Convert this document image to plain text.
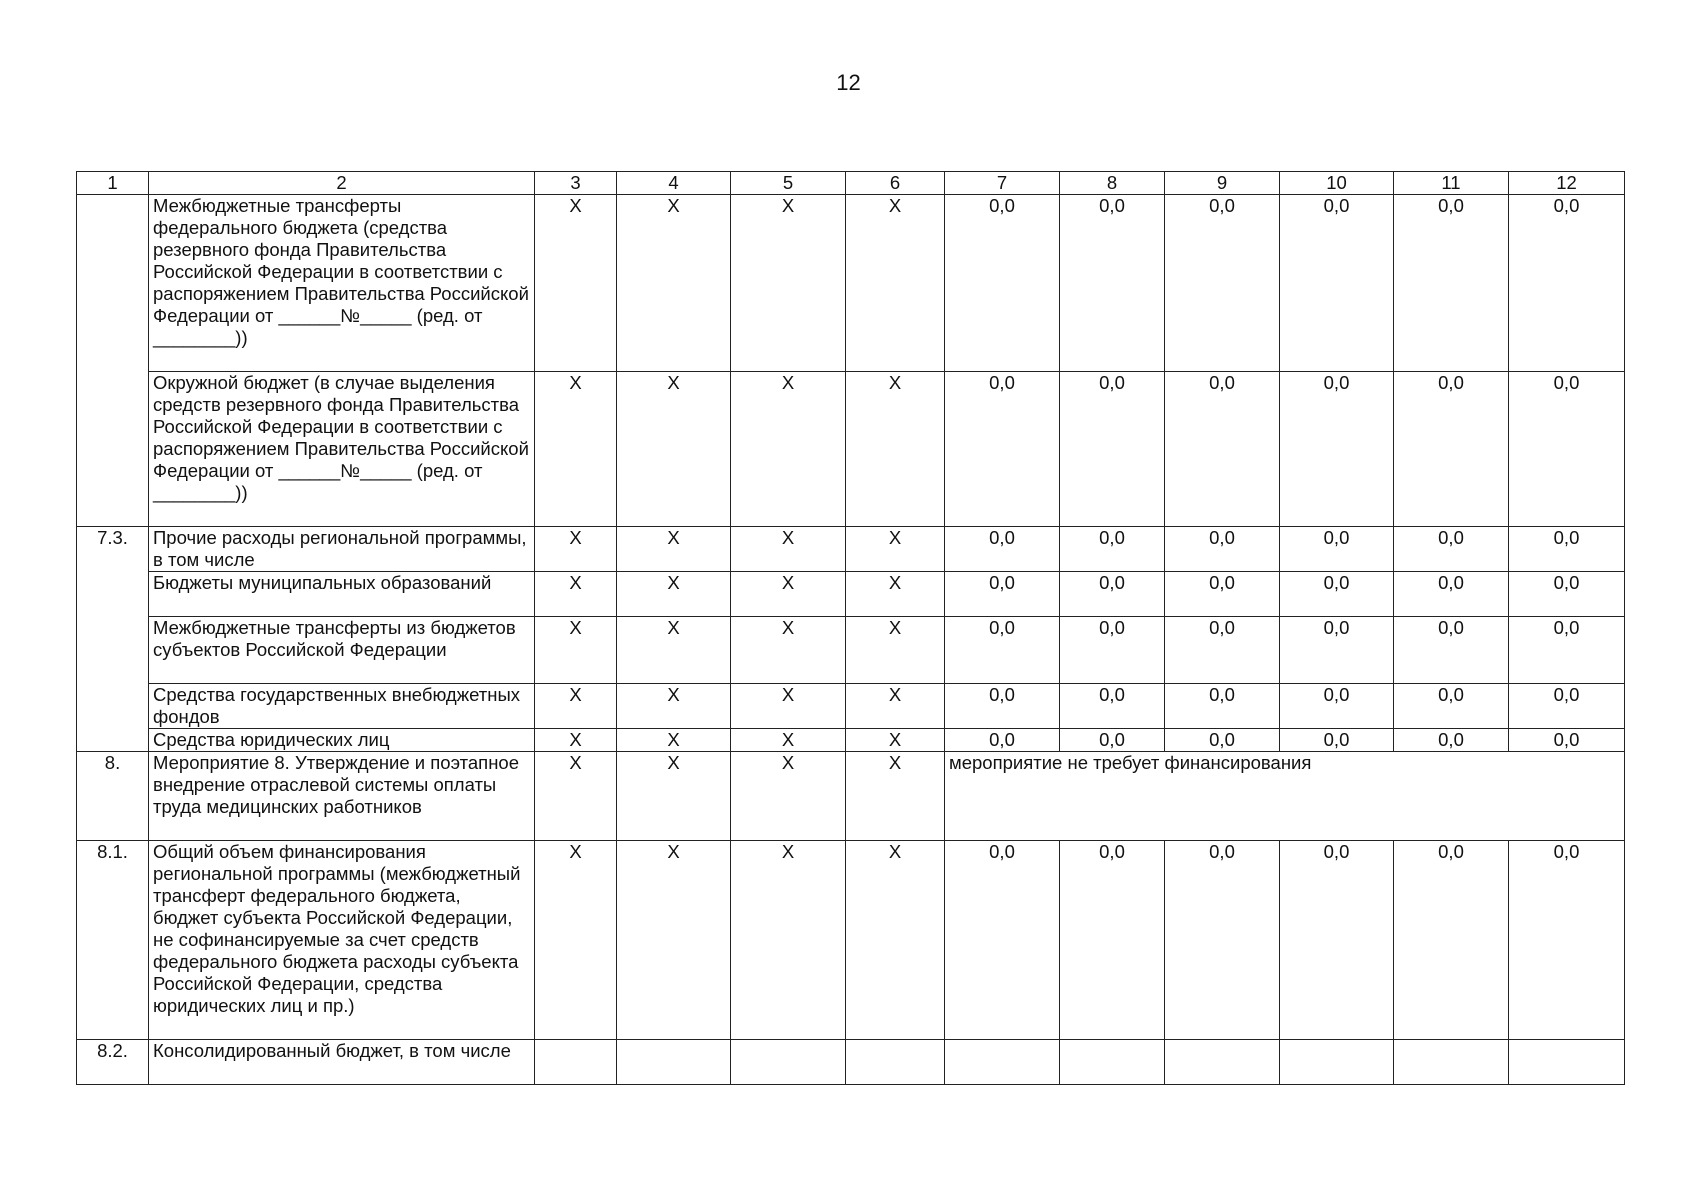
12
1	2	3	4	5	6	7	8	9	10	11	12
	Межбюджетные трансферты федерального бюджета (средства резервного фонда Правительства Российской Федерации в соответствии с распоряжением Правительства Российской Федерации от ______№_____ (ред. от ________))	X	X	X	X	0,0	0,0	0,0	0,0	0,0	0,0
	Окружной бюджет (в случае выделения средств резервного фонда Правительства Российской Федерации в соответствии с распоряжением Правительства Российской Федерации от ______№_____ (ред. от ________))	X	X	X	X	0,0	0,0	0,0	0,0	0,0	0,0
7.3.	Прочие расходы региональной программы, в том числе	X	X	X	X	0,0	0,0	0,0	0,0	0,0	0,0
	Бюджеты муниципальных образований	X	X	X	X	0,0	0,0	0,0	0,0	0,0	0,0
	Межбюджетные трансферты из бюджетов субъектов Российской Федерации	X	X	X	X	0,0	0,0	0,0	0,0	0,0	0,0
	Средства государственных внебюджетных фондов	X	X	X	X	0,0	0,0	0,0	0,0	0,0	0,0
	Средства юридических лиц	X	X	X	X	0,0	0,0	0,0	0,0	0,0	0,0
8.	Мероприятие 8. Утверждение и поэтапное внедрение отраслевой системы оплаты труда медицинских работников	X	X	X	X	мероприятие не требует финансирования					
8.1.	Общий объем финансирования региональной программы (межбюджетный трансферт федерального бюджета, бюджет субъекта Российской Федерации, не софинансируемые за счет средств федерального бюджета расходы субъекта Российской Федерации, средства юридических лиц и пр.)	X	X	X	X	0,0	0,0	0,0	0,0	0,0	0,0
8.2.	Консолидированный бюджет, в том числе										
